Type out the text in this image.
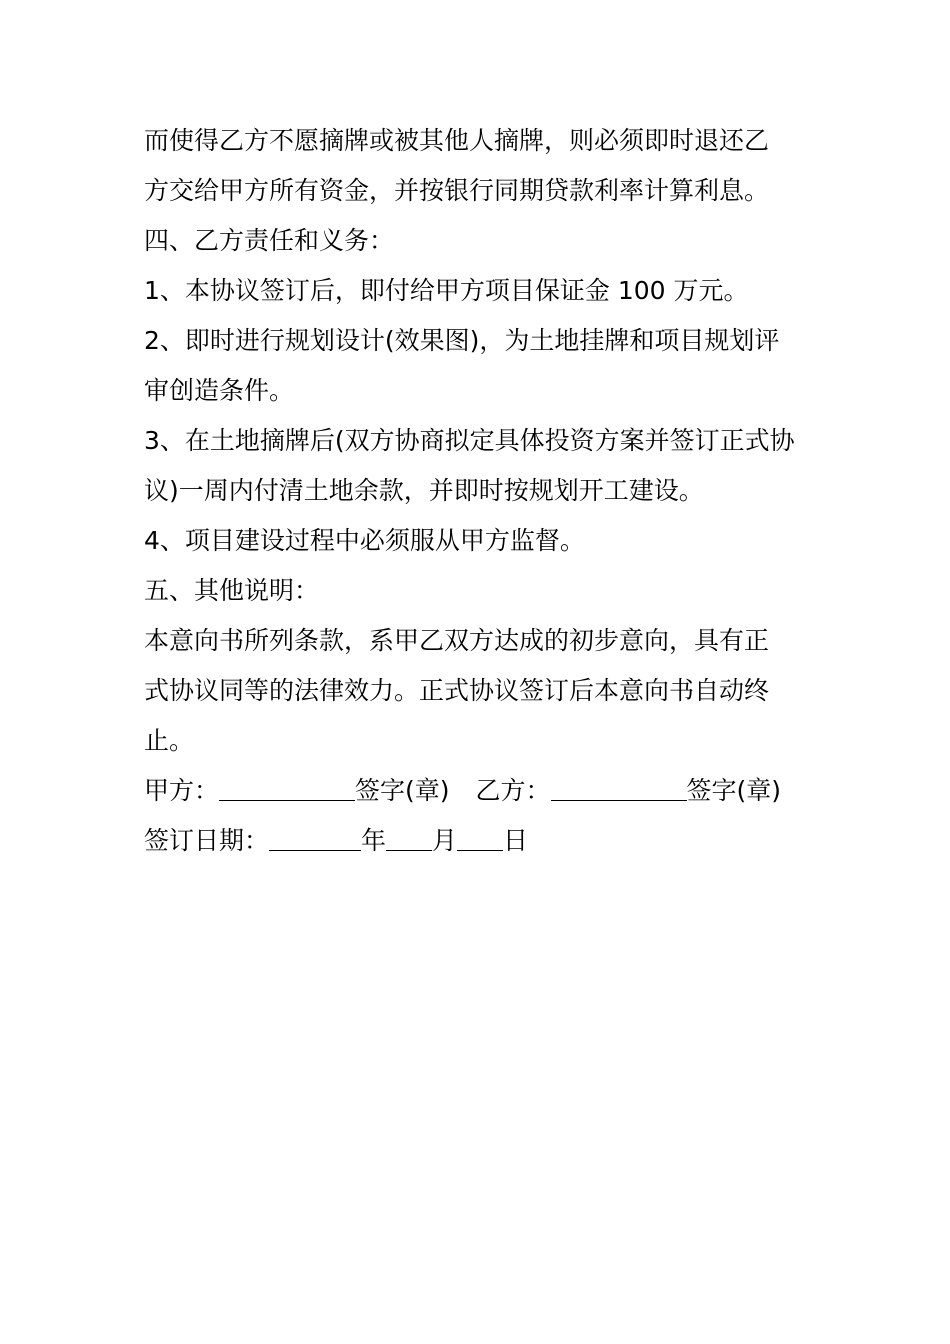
而使得乙方不愿摘牌或被其他人摘牌，则必须即时退还乙
方交给甲方所有资金，并按银行同期贷款利率计算利息。
四、乙方责任和义务：
1、本协议签订后，即付给甲方项目保证金 100 万元。
2、即时进行规划设计(效果图)，为土地挂牌和项目规划评
审创造条件。
3、在土地摘牌后(双方协商拟定具体投资方案并签订正式协
议)一周内付清土地余款，并即时按规划开工建设。
4、项目建设过程中必须服从甲方监督。
五、其他说明：
本意向书所列条款，系甲乙双方达成的初步意向，具有正
式协议同等的法律效力。正式协议签订后本意向书自动终
止。
甲方：	签字(章) 乙方：	签字(章)
签订日期：	年 月 日
